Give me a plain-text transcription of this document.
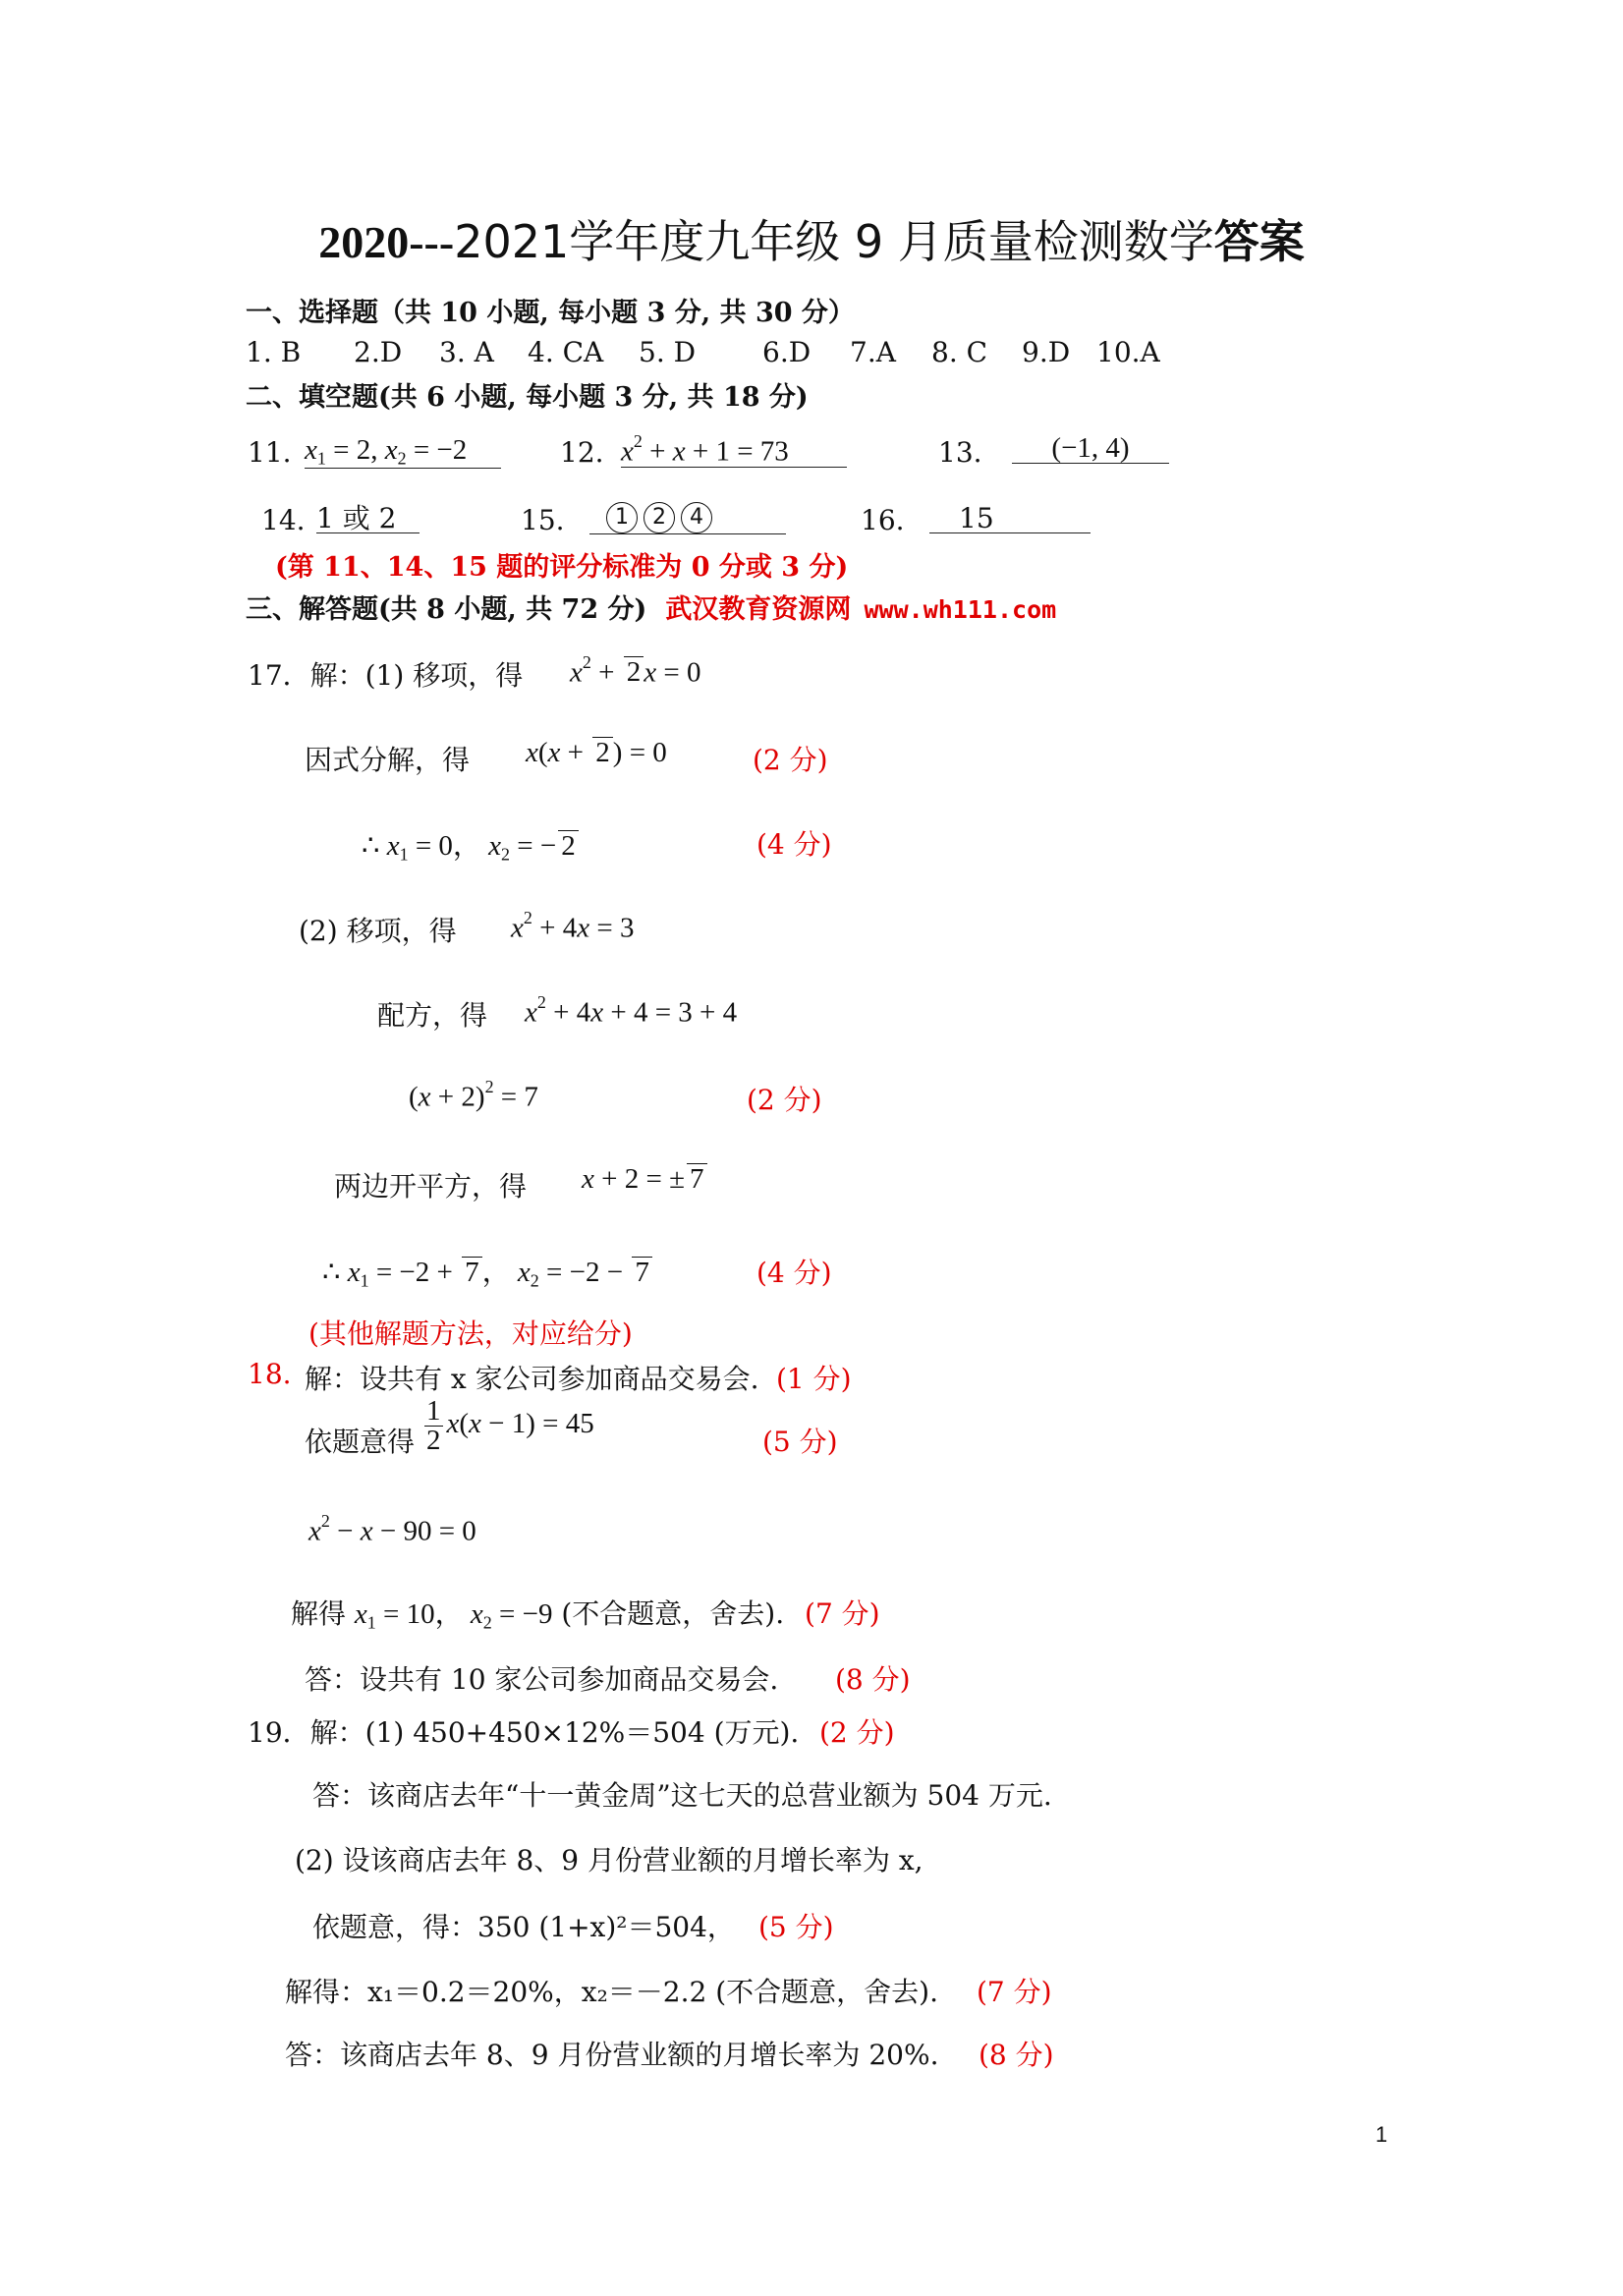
2020---2021学年度九年级 9 月质量检测数学答案
一、选择题（共 10 小题, 每小题 3 分, 共 30 分）
1. B 2.D 3. A 4. CA 5. D 6.D 7.A 8. C 9.D 10.A
二、填空题(共 6 小题, 每小题 3 分, 共 18 分)
11. $x_1 = 2$, $x_2 = -2$	12. $x^2 + x + 1 = 73$	13.	(−1, 4)
14. 1 或 2	15.	1 2 4	16.	15
(第 11、14、15 题的评分标准为 0 分或 3 分)
三、解答题(共 8 小题, 共 72 分) 武汉教育资源网 www.wh111.com
17．解：(1) 移项，得 $x^2 + 2$ x = 0
因式分解，得 x(x + 2 ) = 0	(2 分)
∴ $x_1 = 0$， $x_2$ = − 2	(4 分)
(2) 移项，得 $x^2 + 4x = 3$
配方，得 $x^2 + 4x + 4 = 3 + 4$
$(x + 2)^2 = 7$	(2 分)
两边开平方，得 x + 2 = ± 7
∴ $x_1 = -2 + 7$ ， $x_2 = -2 - 7$	(4 分)
(其他解题方法，对应给分)
18. 解：设共有 x 家公司参加商品交易会. (1 分)
依题意得 $\frac{1}{2} x(x - 1) = 45$
(5 分)
$x^2 - x - 90 = 0$
解得 $x_1 = 10$， $x_2 = -9$ (不合题意，舍去). (7 分)
答：设共有 10 家公司参加商品交易会. (8 分)
19．解：(1) 450+450×12%＝504 (万元). (2 分)
答：该商店去年“十一黄金周”这七天的总营业额为 504 万元.
(2) 设该商店去年 8、9 月份营业额的月增长率为 x,
依题意，得：350 (1+x)²＝504， (5 分)
解得：x₁＝0.2＝20%，x₂＝－2.2 (不合题意，舍去). (7 分)
答：该商店去年 8、9 月份营业额的月增长率为 20%. (8 分)
1
